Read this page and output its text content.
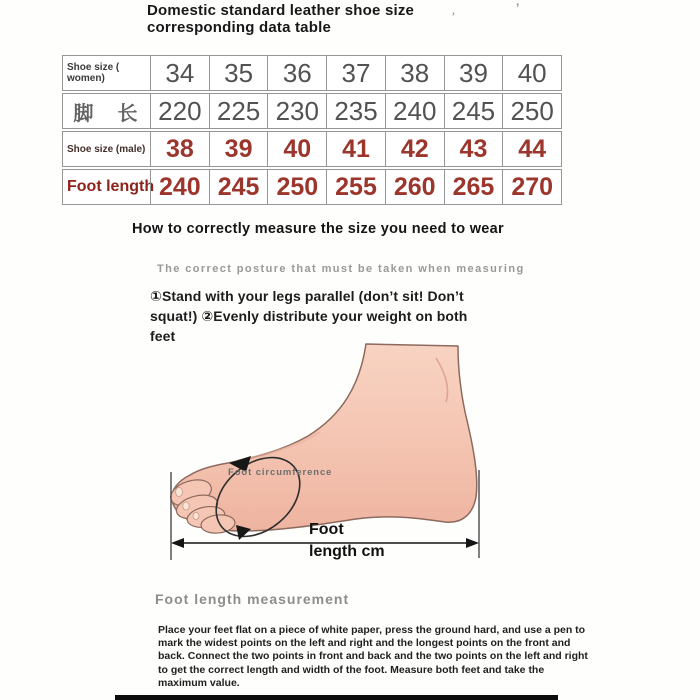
Domestic standard leather shoe size
corresponding data table
’
’
Shoe size (
women)	34	35	36	37	38	39	40
脚　长 220 225 230 235 240 245 250
Shoe size (male) 38	39	40	41	42	43	44
Foot length 240 245 250 255 260 265 270
How to correctly measure the size you need to wear
The correct posture that must be taken when measuring
①Stand with your legs parallel (don’t sit! Don’t squat!) ②Evenly distribute your weight on both feet
Foot circumference
Foot
length cm
Foot length measurement
Place your feet flat on a piece of white paper, press the ground hard, and use a pen to mark the widest points on the left and right and the longest points on the front and back. Connect the two points in front and back and the two points on the left and right to get the correct length and width of the foot. Measure both feet and take the maximum value.
